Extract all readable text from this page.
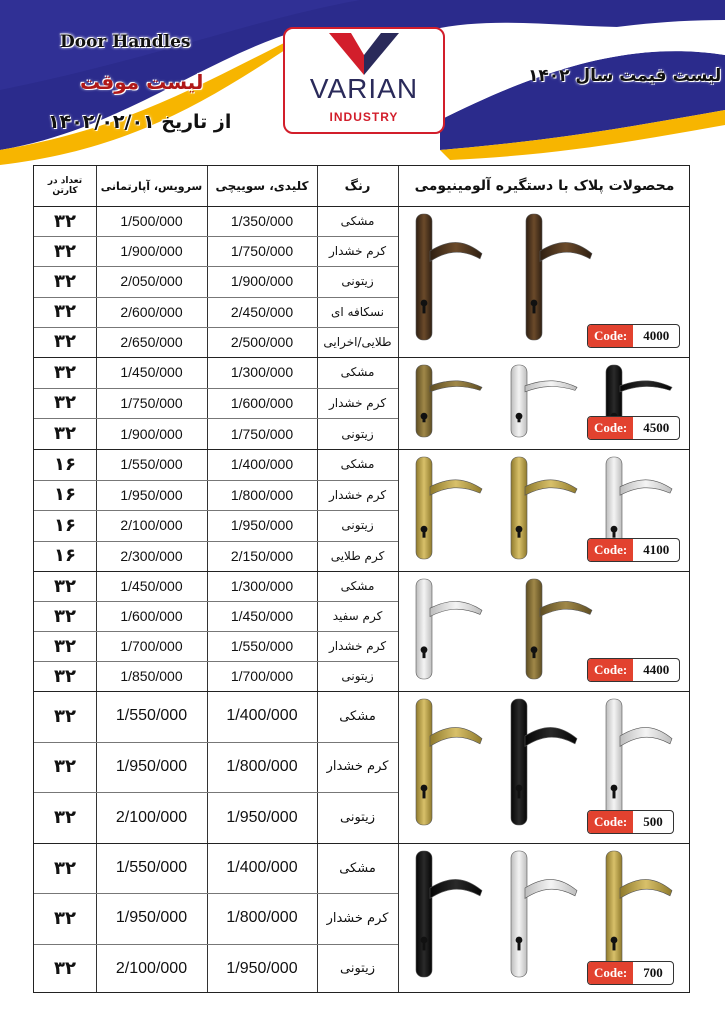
Door Handles
لیست موقت
از تاریخ ۱۴۰۲/۰۲/۰۱
لیست قیمت سال ۱۴۰۲
VARIAN
INDUSTRY
تعداد در کارتن	سرویس، آپارتمانی	کلیدی، سوییچی	رنگ	محصولات پلاک با دستگیره آلومینیومی
۳۲	1/500/000	1/350/000	مشکی
۳۲	1/900/000	1/750/000	کرم خشدار
۳۲	2/050/000	1/900/000	زیتونی
۳۲	2/600/000	2/450/000	نسکافه ای
۳۲	2/650/000	2/500/000	طلایی/اخرایی	Code:	4000
۳۲	1/450/000	1/300/000	مشکی
۳۲	1/750/000	1/600/000	کرم خشدار
۳۲	1/900/000	1/750/000	زیتونی	Code:	4500
۱۶	1/550/000	1/400/000	مشکی
۱۶	1/950/000	1/800/000	کرم خشدار
۱۶	2/100/000	1/950/000	زیتونی
۱۶	2/300/000	2/150/000	کرم طلایی	Code:	4100
۳۲	1/450/000	1/300/000	مشکی
۳۲	1/600/000	1/450/000	کرم سفید
۳۲	1/700/000	1/550/000	کرم خشدار
۳۲	1/850/000	1/700/000	زیتونی	Code:	4400
۳۲	1/550/000	1/400/000	مشکی
۳۲	1/950/000	1/800/000	کرم خشدار
۳۲	2/100/000	1/950/000	زیتونی	Code:	500
۳۲	1/550/000	1/400/000	مشکی
۳۲	1/950/000	1/800/000	کرم خشدار
۳۲	2/100/000	1/950/000	زیتونی	Code:	700
